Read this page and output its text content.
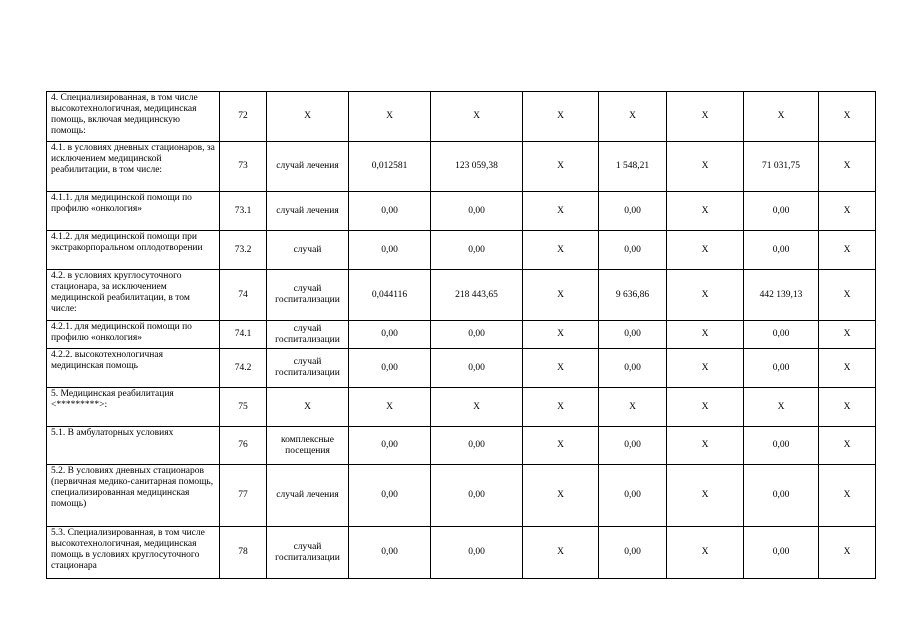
4. Специализированная, в том числе высокотехнологичная, медицинская помощь, включая медицинскую помощь:	72	X	X	X	X	X	X	X	X
4.1. в условиях дневных стационаров, за исключением медицинской реабилитации, в том числе:	73	случай лечения	0,012581	123 059,38	X	1 548,21	X	71 031,75	X
4.1.1. для медицинской помощи по профилю «онкология»	73.1	случай лечения	0,00	0,00	X	0,00	X	0,00	X
4.1.2. для медицинской помощи при экстракорпоральном оплодотворении	73.2	случай	0,00	0,00	X	0,00	X	0,00	X
4.2. в условиях круглосуточного стационара, за исключением медицинской реабилитации, в том числе:	74	случай госпитализации	0,044116	218 443,65	X	9 636,86	X	442 139,13	X
4.2.1. для медицинской помощи по профилю «онкология»	74.1	случай госпитализации	0,00	0,00	X	0,00	X	0,00	X
4.2.2. высокотехнологичная медицинская помощь	74.2	случай госпитализации	0,00	0,00	X	0,00	X	0,00	X
5. Медицинская реабилитация <*********>:	75	X	X	X	X	X	X	X	X
5.1. В амбулаторных условиях	76	комплексные посещения	0,00	0,00	X	0,00	X	0,00	X
5.2. В условиях дневных стационаров (первичная медико-санитарная помощь, специализированная медицинская помощь)	77	случай лечения	0,00	0,00	X	0,00	X	0,00	X
5.3. Специализированная, в том числе высокотехнологичная, медицинская помощь в условиях круглосуточного стационара	78	случай госпитализации	0,00	0,00	X	0,00	X	0,00	X
